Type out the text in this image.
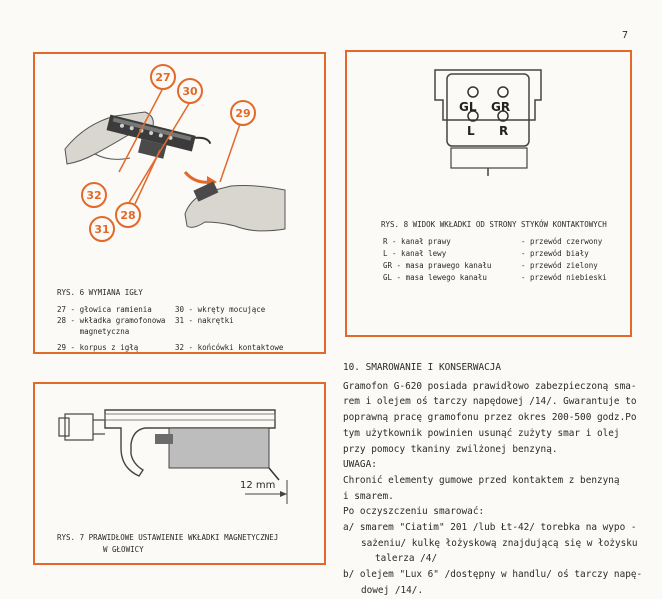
7
27
30
29
32
28
31
RYS. 6 WYMIANA IGŁY
27 - głowica ramienia	30 - wkręty mocujące
28 - wkładka gramofonowa 31 - nakrętki
magnetyczna
29 - korpus z igłą	32 - końcówki kontaktowe
GL GR
L R
RYS. 8 WIDOK WKŁADKI OD STRONY STYKÓW KONTAKTOWYCH
R - kanał prawy	- przewód czerwony
L - kanał lewy	- przewód biały
GR - masa prawego kanału	- przewód zielony
GL - masa lewego kanału	- przewód niebieski
12 mm
RYS. 7 PRAWIDŁOWE USTAWIENIE WKŁADKI MAGNETYCZNEJ
W GŁOWICY
10. SMAROWANIE I KONSERWACJA
Gramofon G-620 posiada prawidłowo zabezpieczoną sma-
rem i olejem oś tarczy napędowej /14/. Gwarantuje to
poprawną pracę gramofonu przez okres 200-500 godz.Po
tym użytkownik powinien usunąć zużyty smar i olej
przy pomocy tkaniny zwilżonej benzyną.
UWAGA:
Chronić elementy gumowe przed kontaktem z benzyną
i smarem.
Po oczyszczeniu smarować:
a/ smarem "Ciatim" 201 /lub Łt-42/ torebka na wypo -
sażeniu/ kulkę łożyskową znajdującą się w łożysku
talerza /4/
b/ olejem "Lux 6" /dostępny w handlu/ oś tarczy napę-
dowej /14/.
